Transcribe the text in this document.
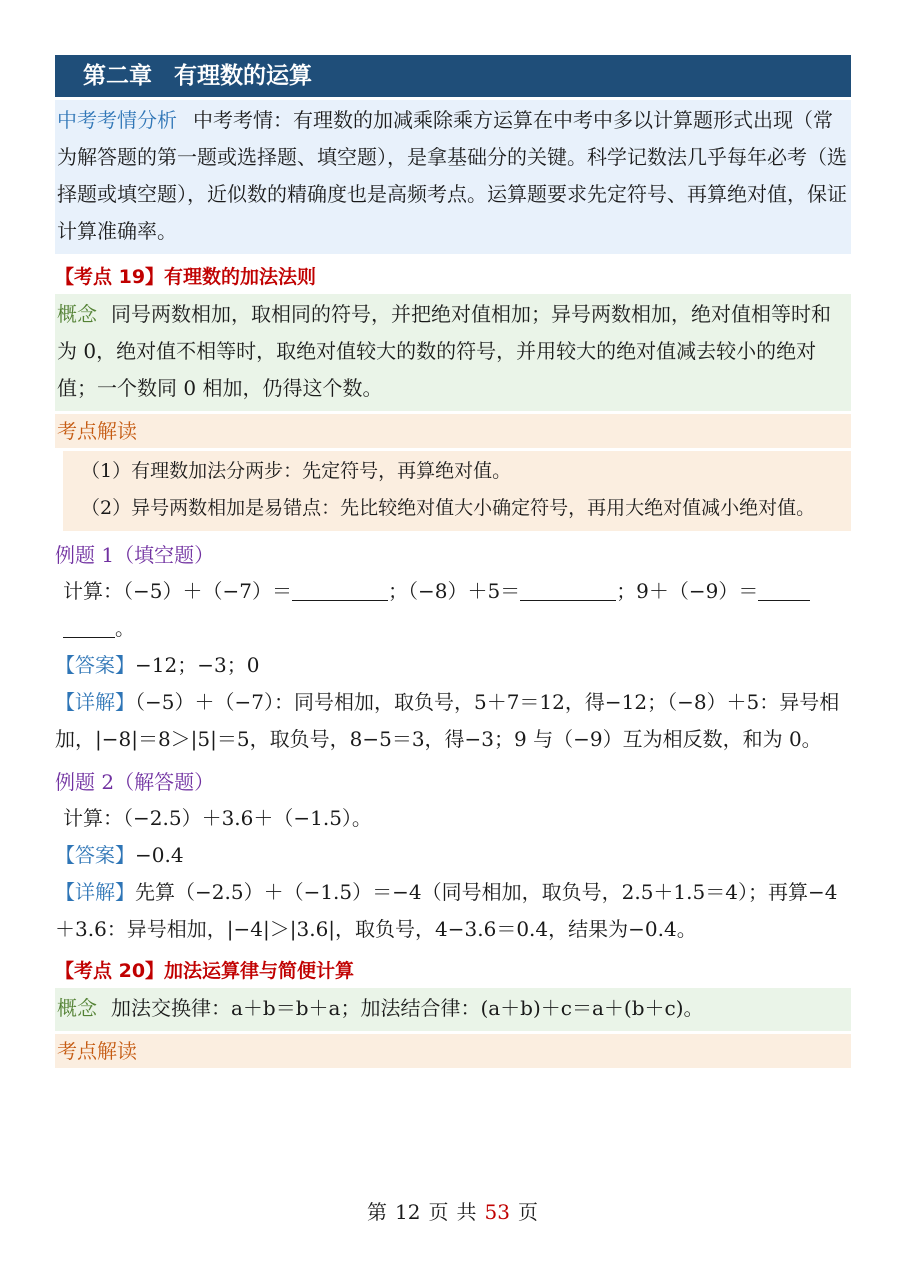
第二章 有理数的运算
中考考情分析 中考考情：有理数的加减乘除乘方运算在中考中多以计算题形式出现（常为解答题的第一题或选择题、填空题），是拿基础分的关键。科学记数法几乎每年必考（选择题或填空题），近似数的精确度也是高频考点。运算题要求先定符号、再算绝对值，保证计算准确率。
【考点 19】有理数的加法法则
概念 同号两数相加，取相同的符号，并把绝对值相加；异号两数相加，绝对值相等时和为 0，绝对值不相等时，取绝对值较大的数的符号，并用较大的绝对值减去较小的绝对值；一个数同 0 相加，仍得这个数。
考点解读
（1）有理数加法分两步：先定符号，再算绝对值。
（2）异号两数相加是易错点：先比较绝对值大小确定符号，再用大绝对值减小绝对值。
例题 1（填空题）
计算：（−5）＋（−7）＝	；（−8）＋5＝	；9＋（−9）＝
。
【答案】−12；−3；0
【详解】（−5）＋（−7）：同号相加，取负号，5＋7＝12，得−12；（−8）＋5：异号相加，|−8|＝8＞|5|＝5，取负号，8−5＝3，得−3；9 与（−9）互为相反数，和为 0。
例题 2（解答题）
计算：（−2.5）＋3.6＋（−1.5）。
【答案】−0.4
【详解】先算（−2.5）＋（−1.5）＝−4（同号相加，取负号，2.5＋1.5＝4）；再算−4＋3.6：异号相加，|−4|＞|3.6|，取负号，4−3.6＝0.4，结果为−0.4。
【考点 20】加法运算律与简便计算
概念 加法交换律：a＋b＝b＋a；加法结合律：(a＋b)＋c＝a＋(b＋c)。
考点解读
第 12 页 共 53 页
